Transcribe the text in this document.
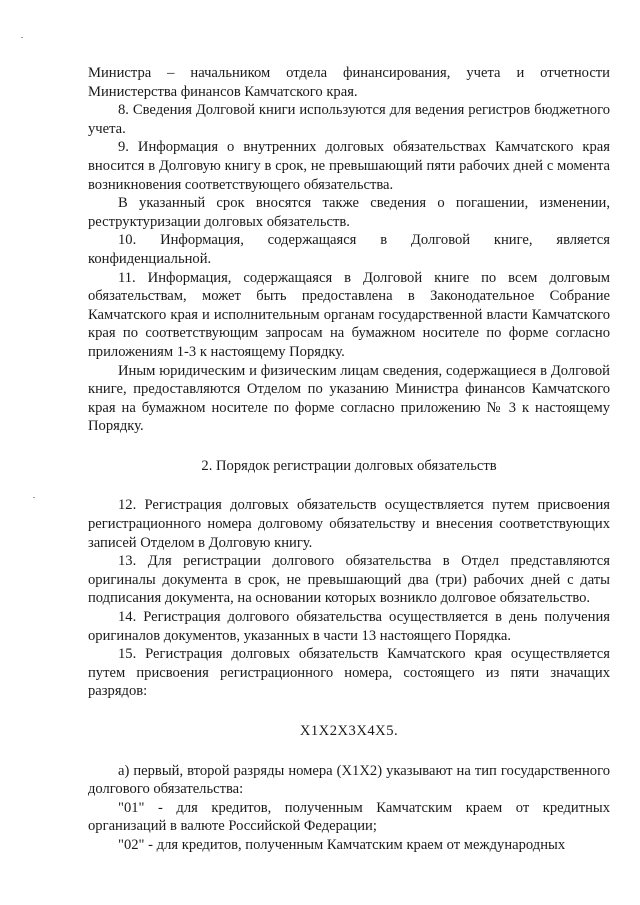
Министра – начальником отдела финансирования, учета и отчетности Министерства финансов Камчатского края.

8. Сведения Долговой книги используются для ведения регистров бюджетного учета.

9. Информация о внутренних долговых обязательствах Камчатского края вносится в Долговую книгу в срок, не превышающий пяти рабочих дней с момента возникновения соответствующего обязательства.

В указанный срок вносятся также сведения о погашении, изменении, реструктуризации долговых обязательств.

10. Информация, содержащаяся в Долговой книге, является конфиденциальной.

11. Информация, содержащаяся в Долговой книге по всем долговым обязательствам, может быть предоставлена в Законодательное Собрание Камчатского края и исполнительным органам государственной власти Камчатского края по соответствующим запросам на бумажном носителе по форме согласно приложениям 1-3 к настоящему Порядку.

Иным юридическим и физическим лицам сведения, содержащиеся в Долговой книге, предоставляются Отделом по указанию Министра финансов Камчатского края на бумажном носителе по форме согласно приложению № 3 к настоящему Порядку.

2. Порядок регистрации долговых обязательств

12. Регистрация долговых обязательств осуществляется путем присвоения регистрационного номера долговому обязательству и внесения соответствующих записей Отделом в Долговую книгу.

13. Для регистрации долгового обязательства в Отдел представляются оригиналы документа в срок, не превышающий два (три) рабочих дней с даты подписания документа, на основании которых возникло долговое обязательство.

14. Регистрация долгового обязательства осуществляется в день получения оригиналов документов, указанных в части 13 настоящего Порядка.

15. Регистрация долговых обязательств Камчатского края осуществляется путем присвоения регистрационного номера, состоящего из пяти значащих разрядов:

X1X2X3X4X5.

а) первый, второй разряды номера (X1X2) указывают на тип государственного долгового обязательства:

"01" - для кредитов, полученным Камчатским краем от кредитных организаций в валюте Российской Федерации;

"02" - для кредитов, полученным Камчатским краем от международных
